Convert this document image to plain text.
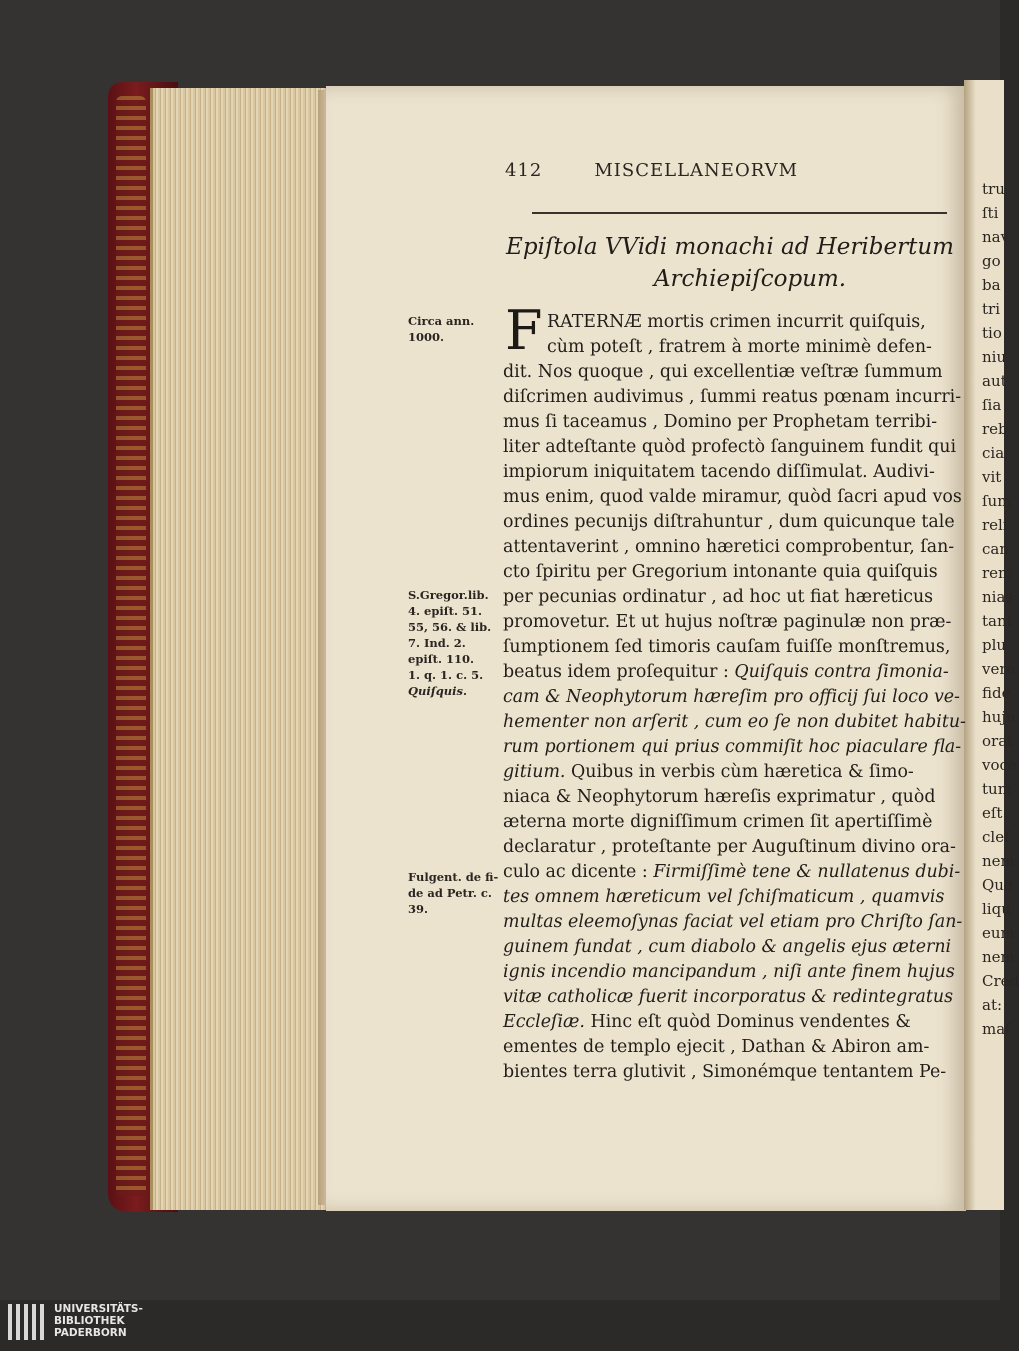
tru
ſti
nav
go
ba
tri
tio
niu
aut
ſia
reb
cia
vit
ſum
reli
can
rem
nias
tant
plu
vere
fide
huju
orat
voce
tum
eſt.
cleſ
nem
Que
liqu
eum
nem
Cred
at:
maſ
412	MISCELLANEORVM
Epiſtola VVidi monachi ad Heribertum
Archiepiſcopum.
Circa ann.
1000.
S.Gregor.lib.
4. epiſt. 51.
55, 56. & lib.
7. Ind. 2.
epiſt. 110.
1. q. 1. c. 5.
Quiſquis.
Fulgent. de fi-
de ad Petr. c.
39.
F RATERNÆ mortis crimen incurrit quiſquis,
cùm poteſt , fratrem à morte minimè defen-
dit. Nos quoque , qui excellentiæ veſtræ ſummum
diſcrimen audivimus , ſummi reatus pœnam incurri-
mus ſi taceamus , Domino per Prophetam terribi-
liter adteſtante quòd profectò ſanguinem fundit qui
impiorum iniquitatem tacendo diſſimulat. Audivi-
mus enim, quod valde miramur, quòd ſacri apud vos
ordines pecunijs diſtrahuntur , dum quicunque tale
attentaverint , omnino hæretici comprobentur, ſan-
cto ſpiritu per Gregorium intonante quia quiſquis
per pecunias ordinatur , ad hoc ut fiat hæreticus
promovetur. Et ut hujus noſtræ paginulæ non præ-
ſumptionem ſed timoris cauſam fuiſſe monſtremus,
beatus idem proſequitur : Quiſquis contra ſimonia-
cam & Neophytorum hæreſim pro officij ſui loco ve-
hementer non arſerit , cum eo ſe non dubitet habitu-
rum portionem qui prius commiſit hoc piaculare fla-
gitium. Quibus in verbis cùm hæretica & ſimo-
niaca & Neophytorum hæreſis exprimatur , quòd
æterna morte digniſſimum crimen ſit apertiſſimè
declaratur , proteſtante per Auguſtinum divino ora-
culo ac dicente : Firmiſſimè tene & nullatenus dubi-
tes omnem hæreticum vel ſchiſmaticum , quamvis
multas eleemoſynas faciat vel etiam pro Chriſto ſan-
guinem fundat , cum diabolo & angelis ejus æterni
ignis incendio mancipandum , niſi ante finem hujus
vitæ catholicæ fuerit incorporatus & redintegratus
Eccleſiæ. Hinc eſt quòd Dominus vendentes &
ementes de templo ejecit , Dathan & Abiron am-
bientes terra glutivit , Simonémque tentantem Pe-
UNIVERSITÄTS-
BIBLIOTHEK
PADERBORN
